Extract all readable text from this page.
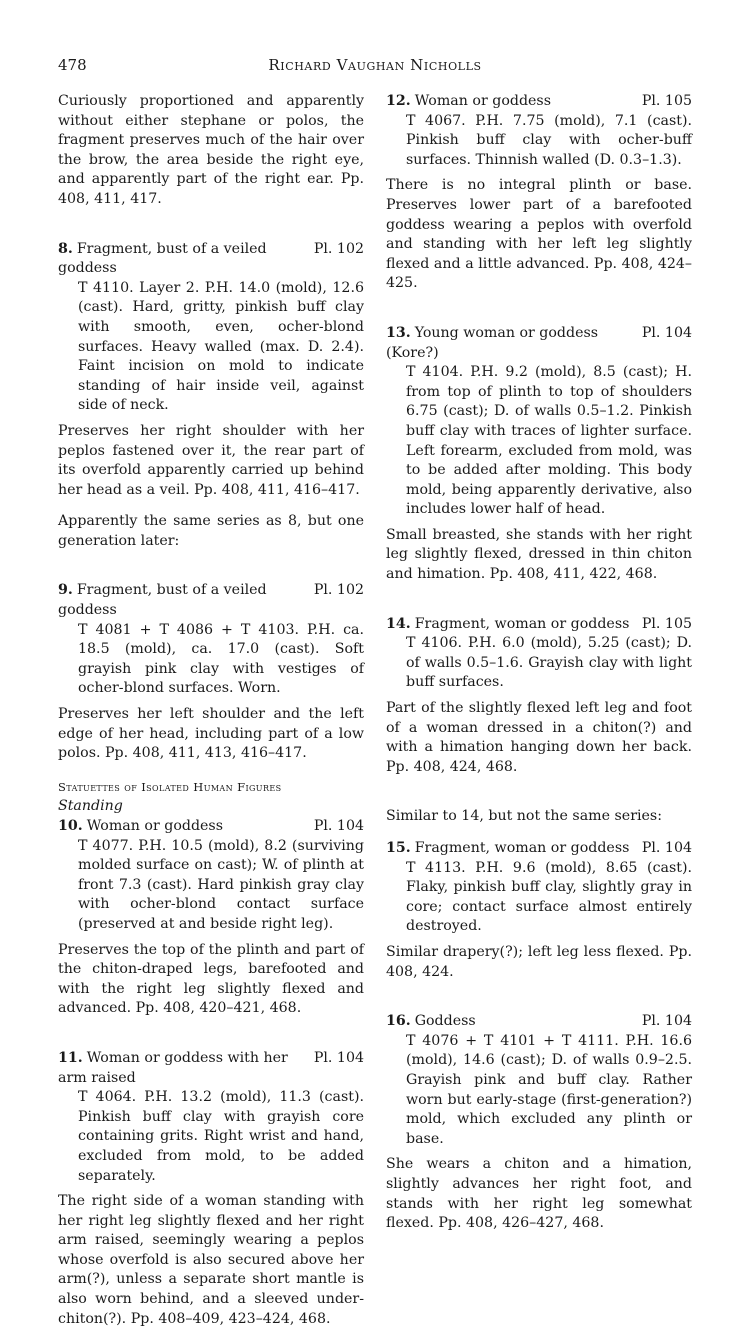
478	Richard Vaughan Nicholls

Curiously proportioned and apparently without either stephane or polos, the fragment preserves much of the hair over the brow, the area beside the right eye, and apparently part of the right ear. Pp. 408, 411, 417.

8. Fragment, bust of a veiled goddess
Pl. 102

T 4110. Layer 2. P.H. 14.0 (mold), 12.6 (cast). Hard, gritty, pinkish buff clay with smooth, even, ocher-blond surfaces. Heavy walled (max. D. 2.4). Faint incision on mold to indicate standing of hair inside veil, against side of neck.

Preserves her right shoulder with her peplos fastened over it, the rear part of its overfold apparently carried up behind her head as a veil. Pp. 408, 411, 416–417.

Apparently the same series as 8, but one generation later:

9. Fragment, bust of a veiled goddess
Pl. 102

T 4081 + T 4086 + T 4103. P.H. ca. 18.5 (mold), ca. 17.0 (cast). Soft grayish pink clay with vestiges of ocher-blond surfaces. Worn.

Preserves her left shoulder and the left edge of her head, including part of a low polos. Pp. 408, 411, 413, 416–417.

Statuettes of Isolated Human Figures
Standing
10. Woman or goddess	Pl. 104

T 4077. P.H. 10.5 (mold), 8.2 (surviving molded surface on cast); W. of plinth at front 7.3 (cast). Hard pinkish gray clay with ocher-blond contact surface (preserved at and beside right leg).

Preserves the top of the plinth and part of the chiton-draped legs, barefooted and with the right leg slightly flexed and advanced. Pp. 408, 420–421, 468.

11. Woman or goddess with her arm raised
Pl. 104

T 4064. P.H. 13.2 (mold), 11.3 (cast). Pinkish buff clay with grayish core containing grits. Right wrist and hand, excluded from mold, to be added separately.

The right side of a woman standing with her right leg slightly flexed and her right arm raised, seemingly wearing a peplos whose overfold is also secured above her arm(?), unless a separate short mantle is also worn behind, and a sleeved under-chiton(?). Pp. 408–409, 423–424, 468.

12. Woman or goddess	Pl. 105

T 4067. P.H. 7.75 (mold), 7.1 (cast). Pinkish buff clay with ocher-buff surfaces. Thinnish walled (D. 0.3–1.3).

There is no integral plinth or base. Preserves lower part of a barefooted goddess wearing a peplos with overfold and standing with her left leg slightly flexed and a little advanced. Pp. 408, 424–425.

13. Young woman or goddess (Kore?)
Pl. 104

T 4104. P.H. 9.2 (mold), 8.5 (cast); H. from top of plinth to top of shoulders 6.75 (cast); D. of walls 0.5–1.2. Pinkish buff clay with traces of lighter surface. Left forearm, excluded from mold, was to be added after molding. This body mold, being apparently derivative, also includes lower half of head.

Small breasted, she stands with her right leg slightly flexed, dressed in thin chiton and himation. Pp. 408, 411, 422, 468.

14. Fragment, woman or goddess Pl. 105

T 4106. P.H. 6.0 (mold), 5.25 (cast); D. of walls 0.5–1.6. Grayish clay with light buff surfaces.

Part of the slightly flexed left leg and foot of a woman dressed in a chiton(?) and with a himation hanging down her back. Pp. 408, 424, 468.

Similar to 14, but not the same series:

15. Fragment, woman or goddess Pl. 104

T 4113. P.H. 9.6 (mold), 8.65 (cast). Flaky, pinkish buff clay, slightly gray in core; contact surface almost entirely destroyed.

Similar drapery(?); left leg less flexed. Pp. 408, 424.

16. Goddess	Pl. 104

T 4076 + T 4101 + T 4111. P.H. 16.6 (mold), 14.6 (cast); D. of walls 0.9–2.5. Grayish pink and buff clay. Rather worn but early-stage (first-generation?) mold, which excluded any plinth or base.

She wears a chiton and a himation, slightly advances her right foot, and stands with her right leg somewhat flexed. Pp. 408, 426–427, 468.
